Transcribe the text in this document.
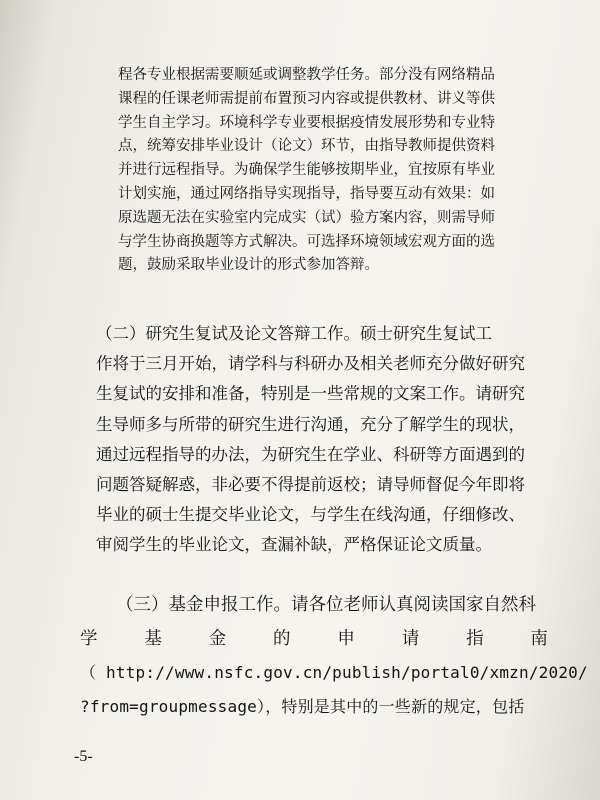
程各专业根据需要顺延或调整教学任务。部分没有网络精品
课程的任课老师需提前布置预习内容或提供教材、讲义等供
学生自主学习。环境科学专业要根据疫情发展形势和专业特
点，统筹安排毕业设计（论文）环节，由指导教师提供资料
并进行远程指导。为确保学生能够按期毕业，宜按原有毕业
计划实施，通过网络指导实现指导，指导要互动有效果：如
原选题无法在实验室内完成实（试）验方案内容，则需导师
与学生协商换题等方式解决。可选择环境领域宏观方面的选
题，鼓励采取毕业设计的形式参加答辩。
（二）研究生复试及论文答辩工作。硕士研究生复试工
作将于三月开始，请学科与科研办及相关老师充分做好研究
生复试的安排和准备，特别是一些常规的文案工作。请研究
生导师多与所带的研究生进行沟通，充分了解学生的现状，
通过远程指导的办法，为研究生在学业、科研等方面遇到的
问题答疑解惑，非必要不得提前返校；请导师督促今年即将
毕业的硕士生提交毕业论文，与学生在线沟通，仔细修改、
审阅学生的毕业论文，查漏补缺，严格保证论文质量。
（三）基金申报工作。请各位老师认真阅读国家自然科
学	基	金	的	申	请	指	南
（ http://www.nsfc.gov.cn/publish/portal0/xmzn/2020/
?from=groupmessage），特别是其中的一些新的规定，包括
-5-
